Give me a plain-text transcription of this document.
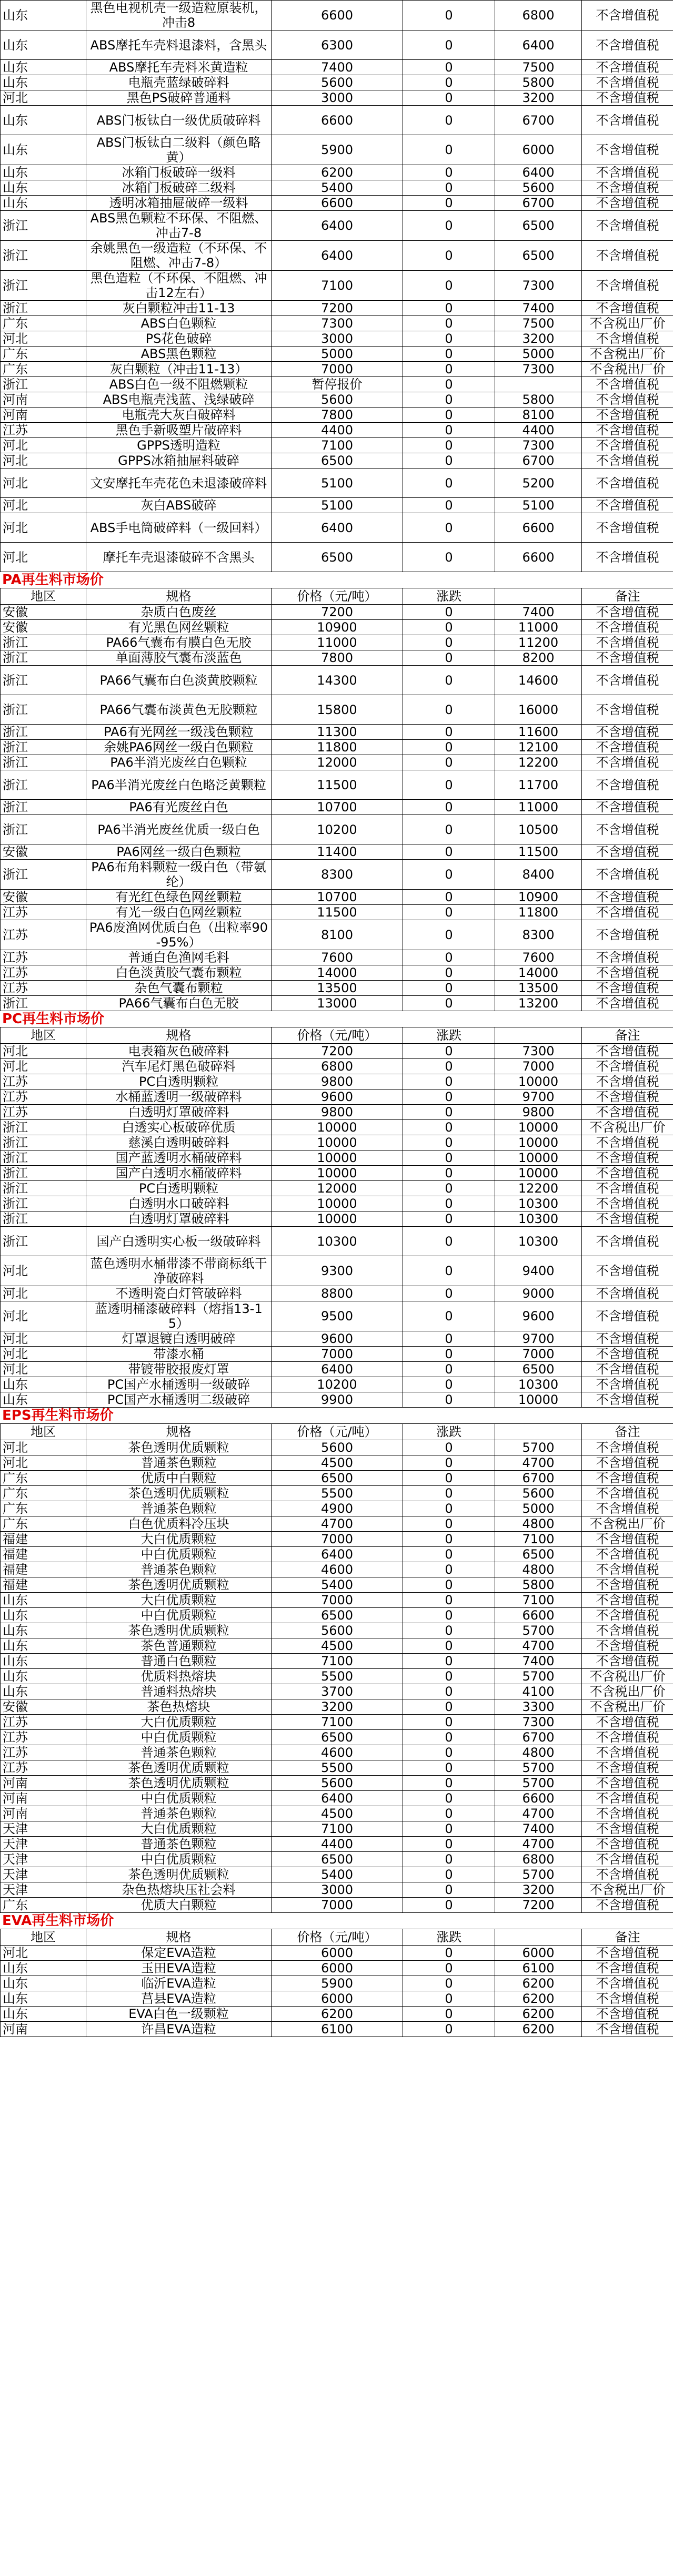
山东	黑色电视机壳一级造粒原装机，冲击8	6600	0	6800	不含增值税
山东	ABS摩托车壳料退漆料，含黑头	6300	0	6400	不含增值税
山东	ABS摩托车壳料米黄造粒	7400	0	7500	不含增值税
山东	电瓶壳蓝绿破碎料	5600	0	5800	不含增值税
河北	黑色PS破碎普通料	3000	0	3200	不含增值税
山东	ABS门板钛白一级优质破碎料	6600	0	6700	不含增值税
山东	ABS门板钛白二级料（颜色略黄）	5900	0	6000	不含增值税
山东	冰箱门板破碎一级料	6200	0	6400	不含增值税
山东	冰箱门板破碎二级料	5400	0	5600	不含增值税
山东	透明冰箱抽屉破碎一级料	6600	0	6700	不含增值税
浙江	ABS黑色颗粒不环保、不阻燃、冲击7-8	6400	0	6500	不含增值税
浙江	余姚黑色一级造粒（不环保、不阻燃、冲击7-8）	6400	0	6500	不含增值税
浙江	黑色造粒（不环保、不阻燃、冲击12左右）	7100	0	7300	不含增值税
浙江	灰白颗粒冲击11-13	7200	0	7400	不含增值税
广东	ABS白色颗粒	7300	0	7500	不含税出厂价
河北	PS花色破碎	3000	0	3200	不含增值税
广东	ABS黑色颗粒	5000	0	5000	不含税出厂价
广东	灰白颗粒（冲击11-13）	7000	0	7300	不含税出厂价
浙江	ABS白色一级不阻燃颗粒	暂停报价	0		不含增值税
河南	ABS电瓶壳浅蓝、浅绿破碎	5600	0	5800	不含增值税
河南	电瓶壳大灰白破碎料	7800	0	8100	不含增值税
江苏	黑色手新吸塑片破碎料	4400	0	4400	不含增值税
河北	GPPS透明造粒	7100	0	7300	不含增值税
河北	GPPS冰箱抽屉料破碎	6500	0	6700	不含增值税
河北	文安摩托车壳花色未退漆破碎料	5100	0	5200	不含增值税
河北	灰白ABS破碎	5100	0	5100	不含增值税
河北	ABS手电筒破碎料（一级回料）	6400	0	6600	不含增值税
河北	摩托车壳退漆破碎不含黑头	6500	0	6600	不含增值税
PA再生料市场价
地区	规格	价格（元/吨）	涨跌		备注
安徽	杂质白色废丝	7200	0	7400	不含增值税
安徽	有光黑色网丝颗粒	10900	0	11000	不含增值税
浙江	PA66气囊布有膜白色无胶	11000	0	11200	不含增值税
浙江	单面薄胶气囊布淡蓝色	7800	0	8200	不含增值税
浙江	PA66气囊布白色淡黄胶颗粒	14300	0	14600	不含增值税
浙江	PA66气囊布淡黄色无胶颗粒	15800	0	16000	不含增值税
浙江	PA6有光网丝一级浅色颗粒	11300	0	11600	不含增值税
浙江	余姚PA6网丝一级白色颗粒	11800	0	12100	不含增值税
浙江	PA6半消光废丝白色颗粒	12000	0	12200	不含增值税
浙江	PA6半消光废丝白色略泛黄颗粒	11500	0	11700	不含增值税
浙江	PA6有光废丝白色	10700	0	11000	不含增值税
浙江	PA6半消光废丝优质一级白色	10200	0	10500	不含增值税
安徽	PA6网丝一级白色颗粒	11400	0	11500	不含增值税
浙江	PA6布角料颗粒一级白色（带氨纶）	8300	0	8400	不含增值税
安徽	有光红色绿色网丝颗粒	10700	0	10900	不含增值税
江苏	有光一级白色网丝颗粒	11500	0	11800	不含增值税
江苏	PA6废渔网优质白色（出粒率90-95%）	8100	0	8300	不含增值税
江苏	普通白色渔网毛料	7600	0	7600	不含增值税
江苏	白色淡黄胶气囊布颗粒	14000	0	14000	不含增值税
江苏	杂色气囊布颗粒	13500	0	13500	不含增值税
浙江	PA66气囊布白色无胶	13000	0	13200	不含增值税
PC再生料市场价
地区	规格	价格（元/吨）	涨跌		备注
河北	电表箱灰色破碎料	7200	0	7300	不含增值税
河北	汽车尾灯黑色破碎料	6800	0	7000	不含增值税
江苏	PC白透明颗粒	9800	0	10000	不含增值税
江苏	水桶蓝透明一级破碎料	9600	0	9700	不含增值税
江苏	白透明灯罩破碎料	9800	0	9800	不含增值税
浙江	白透实心板破碎优质	10000	0	10000	不含税出厂价
浙江	慈溪白透明破碎料	10000	0	10000	不含增值税
浙江	国产蓝透明水桶破碎料	10000	0	10000	不含增值税
浙江	国产白透明水桶破碎料	10000	0	10000	不含增值税
浙江	PC白透明颗粒	12000	0	12200	不含增值税
浙江	白透明水口破碎料	10000	0	10300	不含增值税
浙江	白透明灯罩破碎料	10000	0	10300	不含增值税
浙江	国产白透明实心板一级破碎料	10300	0	10300	不含增值税
河北	蓝色透明水桶带漆不带商标纸干净破碎料	9300	0	9400	不含增值税
河北	不透明瓷白灯管破碎料	8800	0	9000	不含增值税
河北	蓝透明桶漆破碎料（熔指13-15）	9500	0	9600	不含增值税
河北	灯罩退镀白透明破碎	9600	0	9700	不含增值税
河北	带漆水桶	7000	0	7000	不含增值税
河北	带镀带胶报废灯罩	6400	0	6500	不含增值税
山东	PC国产水桶透明一级破碎	10200	0	10300	不含增值税
山东	PC国产水桶透明二级破碎	9900	0	10000	不含增值税
EPS再生料市场价
地区	规格	价格（元/吨）	涨跌		备注
河北	茶色透明优质颗粒	5600	0	5700	不含增值税
河北	普通茶色颗粒	4500	0	4700	不含增值税
广东	优质中白颗粒	6500	0	6700	不含增值税
广东	茶色透明优质颗粒	5500	0	5600	不含增值税
广东	普通茶色颗粒	4900	0	5000	不含增值税
广东	白色优质料冷压块	4700	0	4800	不含税出厂价
福建	大白优质颗粒	7000	0	7100	不含增值税
福建	中白优质颗粒	6400	0	6500	不含增值税
福建	普通茶色颗粒	4600	0	4800	不含增值税
福建	茶色透明优质颗粒	5400	0	5800	不含增值税
山东	大白优质颗粒	7000	0	7100	不含增值税
山东	中白优质颗粒	6500	0	6600	不含增值税
山东	茶色透明优质颗粒	5600	0	5700	不含增值税
山东	茶色普通颗粒	4500	0	4700	不含增值税
山东	普通白色颗粒	7100	0	7400	不含增值税
山东	优质料热熔块	5500	0	5700	不含税出厂价
山东	普通料热熔块	3700	0	4100	不含税出厂价
安徽	茶色热熔块	3200	0	3300	不含税出厂价
江苏	大白优质颗粒	7100	0	7300	不含增值税
江苏	中白优质颗粒	6500	0	6700	不含增值税
江苏	普通茶色颗粒	4600	0	4800	不含增值税
江苏	茶色透明优质颗粒	5500	0	5700	不含增值税
河南	茶色透明优质颗粒	5600	0	5700	不含增值税
河南	中白优质颗粒	6400	0	6600	不含增值税
河南	普通茶色颗粒	4500	0	4700	不含增值税
天津	大白优质颗粒	7100	0	7400	不含增值税
天津	普通茶色颗粒	4400	0	4700	不含增值税
天津	中白优质颗粒	6500	0	6800	不含增值税
天津	茶色透明优质颗粒	5400	0	5700	不含增值税
天津	杂色热熔块压社会料	3000	0	3200	不含税出厂价
广东	优质大白颗粒	7000	0	7200	不含增值税
EVA再生料市场价
地区	规格	价格（元/吨）	涨跌		备注
河北	保定EVA造粒	6000	0	6000	不含增值税
山东	玉田EVA造粒	6000	0	6100	不含增值税
山东	临沂EVA造粒	5900	0	6200	不含增值税
山东	莒县EVA造粒	6000	0	6200	不含增值税
山东	EVA白色一级颗粒	6200	0	6200	不含增值税
河南	许昌EVA造粒	6100	0	6200	不含增值税
